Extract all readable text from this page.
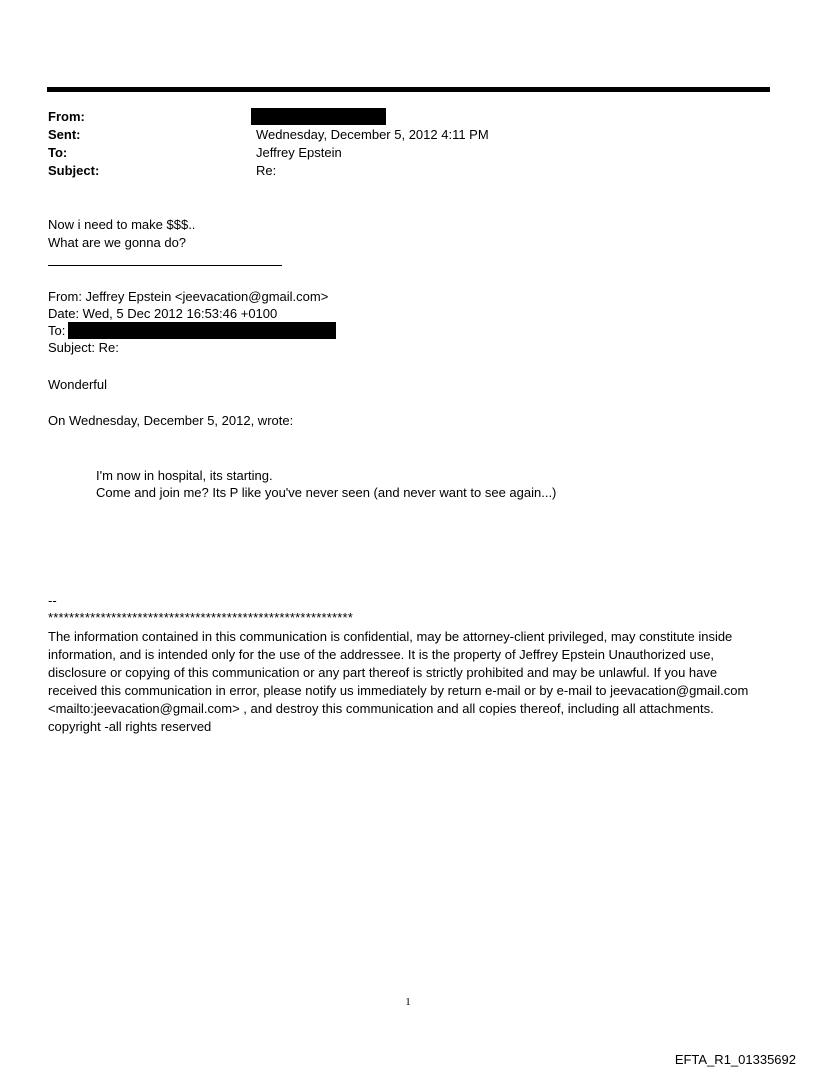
From:
Sent:	Wednesday, December 5, 2012 4:11 PM
To:	Jeffrey Epstein
Subject:	Re:
Now i need to make $$$..
What are we gonna do?
From: Jeffrey Epstein <jeevacation@gmail.com>
Date: Wed, 5 Dec 2012 16:53:46 +0100
To:
Subject: Re:
Wonderful
On Wednesday, December 5, 2012, wrote:
I'm now in hospital, its starting.
Come and join me? Its P like you've never seen (and never want to see again...)
--
**********************************************************
The information contained in this communication is confidential, may be attorney-client privileged, may constitute inside information, and is intended only for the use of the addressee. It is the property of Jeffrey Epstein Unauthorized use, disclosure or copying of this communication or any part thereof is strictly prohibited and may be unlawful. If you have received this communication in error, please notify us immediately by return e-mail or by e-mail to jeevacation@gmail.com <mailto:jeevacation@gmail.com> , and destroy this communication and all copies thereof, including all attachments. copyright -all rights reserved
1
EFTA_R1_01335692
